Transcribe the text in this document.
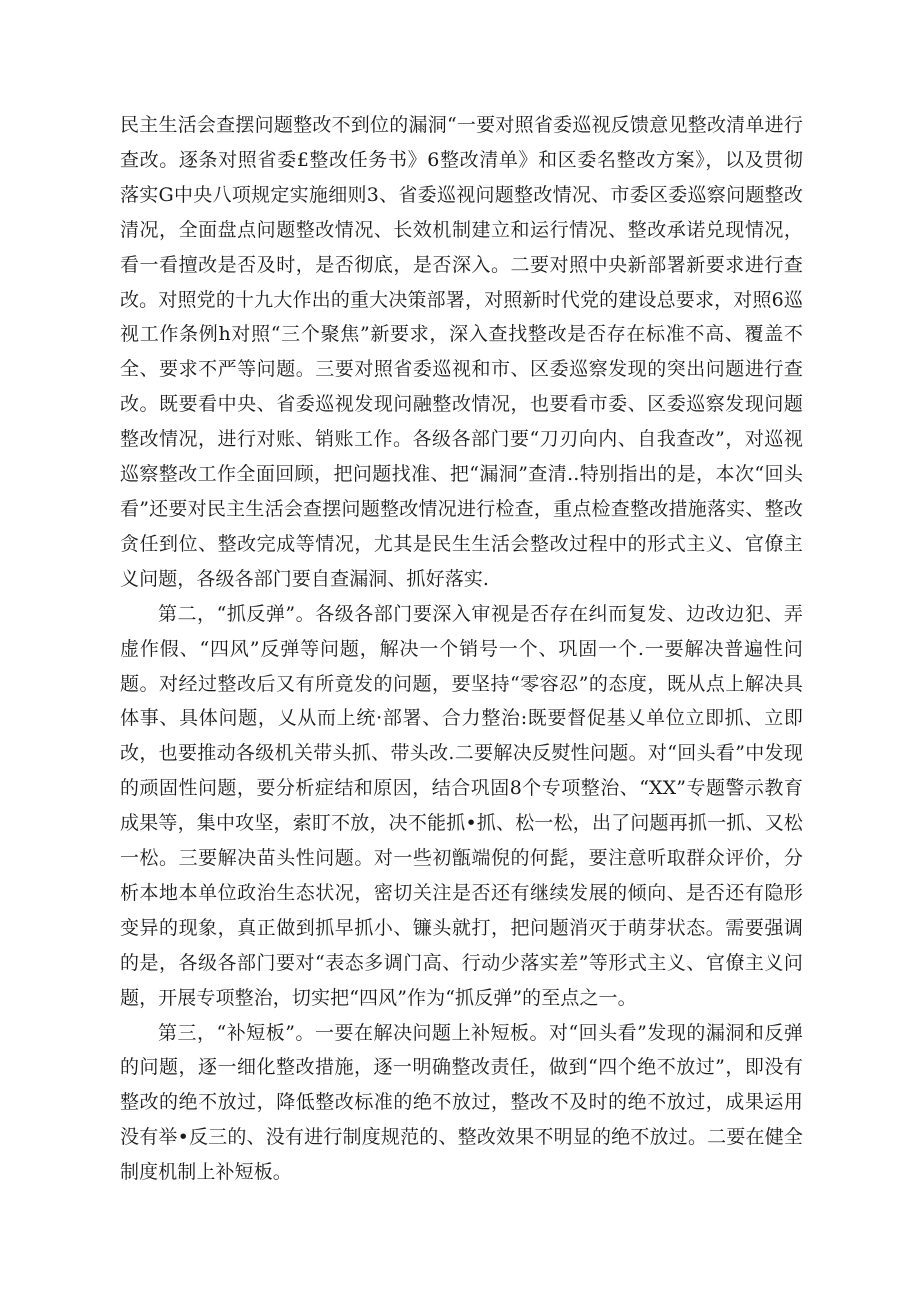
民主生活会查摆问题整改不到位的漏洞“一要对照省委巡视反馈意见整改清单进行查改。逐条对照省委£整改任务书》6整改清单》和区委名整改方案》，以及贯彻落实G中央八项规定实施细则3、省委巡视问题整改情况、市委区委巡察问题整改清况，全面盘点问题整改情况、长效机制建立和运行情况、整改承诺兑现情况，看一看擅改是否及时，是否彻底，是否深入。二要对照中央新部署新要求进行查改。对照党的十九大作出的重大决策部署，对照新时代党的建设总要求，对照6巡视工作条例h对照“三个聚焦”新要求，深入查找整改是否存在标准不高、覆盖不全、要求不严等问题。三要对照省委巡视和市、区委巡察发现的突出问题进行查改。既要看中央、省委巡视发现问融整改情况，也要看市委、区委巡察发现问题整改情况，进行对账、销账工作。各级各部门要“刀刃向内、自我查改”，对巡视巡察整改工作全面回顾，把问题找准、把“漏洞”查清..特别指出的是，本次“回头看”还要对民主生活会查摆问题整改情况进行检查，重点检查整改措施落实、整改贪任到位、整改完成等情况，尤其是民生生活会整改过程中的形式主义、官僚主义问题，各级各部门要自查漏洞、抓好落实.

第二，“抓反弹”。各级各部门要深入审视是否存在纠而复发、边改边犯、弄虚作假、“四风”反弹等问题，解决一个销号一个、巩固一个.一要解决普遍性问题。对经过整改后又有所竟发的问题，要坚持“零容忍”的态度，既从点上解决具体事、具体问题，乂从而上统·部署、合力整治:既要督促基乂单位立即抓、立即改，也要推动各级机关带头抓、带头改.二要解决反熨性问题。对“回头看”中发现的顽固性问题，要分析症结和原因，结合巩固8个专项整治、“XX”专题警示教育成果等，集中攻坚，索盯不放，决不能抓•抓、松一松，出了问题再抓一抓、又松一松。三要解决苗头性问题。对一些初甑端倪的何髭，要注意听取群众评价，分析本地本单位政治生态状况，密切关注是否还有继续发展的倾向、是否还有隐形变异的现象，真正做到抓早抓小、镰头就打，把问题消灭于萌芽状态。需要强调的是，各级各部门要对“表态多调门高、行动少落实差”等形式主义、官僚主义问题，开展专项整治，切实把“四风”作为“抓反弹”的至点之一。

第三，“补短板”。一要在解决问题上补短板。对“回头看”发现的漏洞和反弹的问题，逐一细化整改措施，逐一明确整改责任，做到“四个绝不放过”，即没有整改的绝不放过，降低整改标准的绝不放过，整改不及时的绝不放过，成果运用没有举•反三的、没有进行制度规范的、整改效果不明显的绝不放过。二要在健全制度机制上补短板。
